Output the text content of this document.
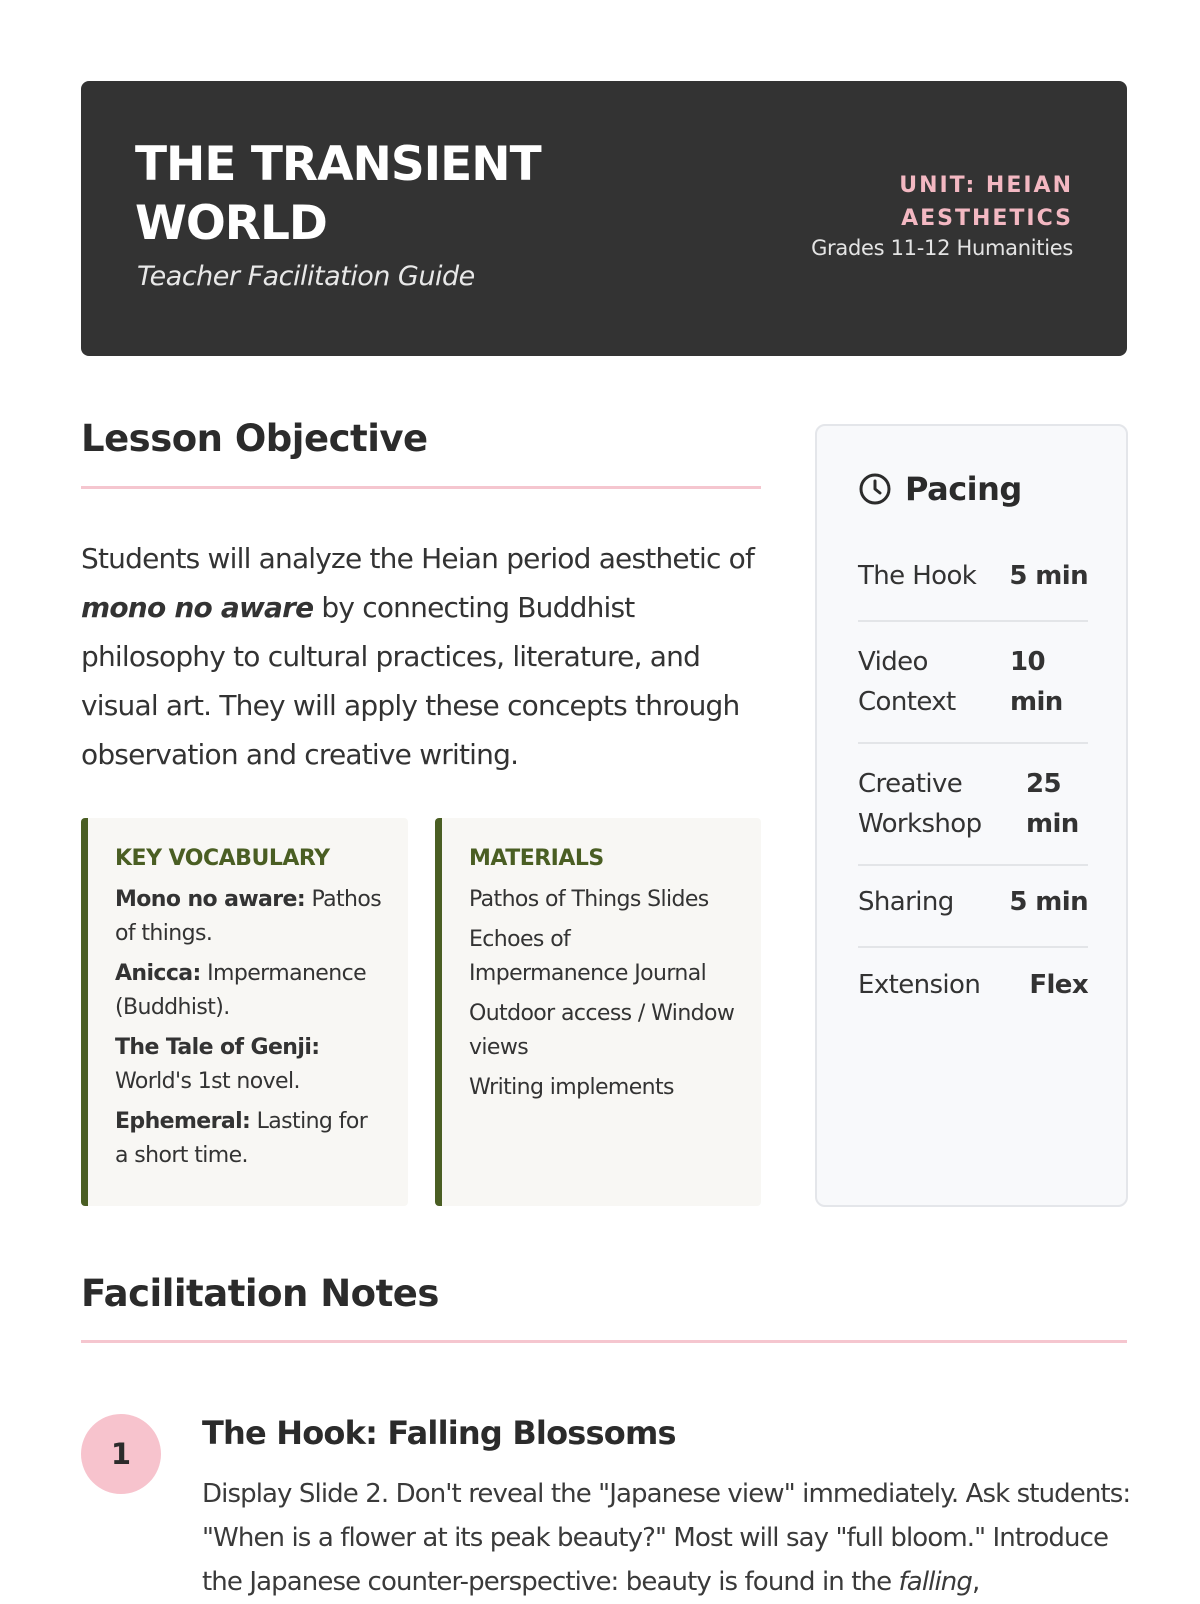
THE TRANSIENT WORLD
Teacher Facilitation Guide
UNIT: HEIAN AESTHETICS
Grades 11-12 Humanities
Lesson Objective

Students will analyze the Heian period aesthetic of mono no aware by connecting Buddhist philosophy to cultural practices, literature, and visual art. They will apply these concepts through observation and creative writing.

KEY VOCABULARY
Mono no aware: Pathos of things.
Anicca: Impermanence (Buddhist).
The Tale of Genji:
World's 1st novel.
Ephemeral: Lasting for a short time.
MATERIALS
Pathos of Things Slides
Echoes of Impermanence Journal
Outdoor access / Window views
Writing implements
Pacing
The Hook 5 min
Video Context
10 min
Creative Workshop
25 min
Sharing 5 min
Extension Flex
Facilitation Notes
1
The Hook: Falling Blossoms

Display Slide 2. Don't reveal the "Japanese view" immediately. Ask students: "When is a flower at its peak beauty?" Most will say "full bloom." Introduce the Japanese counter-perspective: beauty is found in the falling,
